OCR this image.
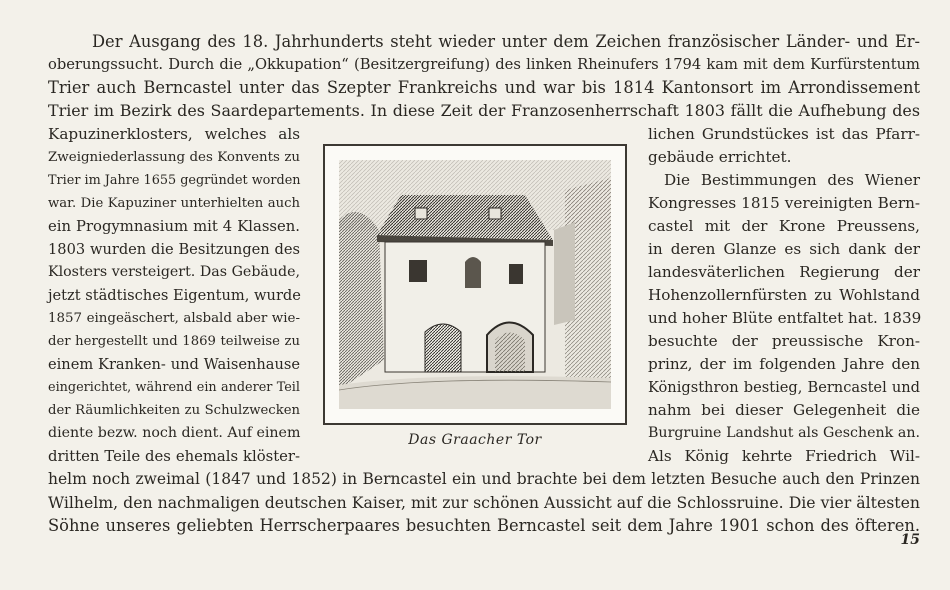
Der Ausgang des 18. Jahrhunderts steht wieder unter dem Zeichen französischer Länder- und Er-
oberungssucht. Durch die „Okkupation“ (Besitzergreifung) des linken Rheinufers 1794 kam mit dem Kurfürstentum
Trier auch Berncastel unter das Szepter Frankreichs und war bis 1814 Kantonsort im Arrondissement
Trier im Bezirk des Saardepartements. In diese Zeit der Franzosenherrschaft 1803 fällt die Aufhebung des
Kapuzinerklosters, welches als
Zweigniederlassung des Konvents zu
Trier im Jahre 1655 gegründet worden
war. Die Kapuziner unterhielten auch
ein Progymnasium mit 4 Klassen.
1803 wurden die Besitzungen des
Klosters versteigert. Das Gebäude,
jetzt städtisches Eigentum, wurde
1857 eingeäschert, alsbald aber wie-
der hergestellt und 1869 teilweise zu
einem Kranken- und Waisenhause
eingerichtet, während ein anderer Teil
der Räumlichkeiten zu Schulzwecken
diente bezw. noch dient. Auf einem
dritten Teile des ehemals klöster-
Das Graacher Tor
lichen Grundstückes ist das Pfarr-
gebäude errichtet.
Die Bestimmungen des Wiener
Kongresses 1815 vereinigten Bern-
castel mit der Krone Preussens,
in deren Glanze es sich dank der
landesväterlichen Regierung der
Hohenzollernfürsten zu Wohlstand
und hoher Blüte entfaltet hat. 1839
besuchte der preussische Kron-
prinz, der im folgenden Jahre den
Königsthron bestieg, Berncastel und
nahm bei dieser Gelegenheit die
Burgruine Landshut als Geschenk an.
Als König kehrte Friedrich Wil-
helm noch zweimal (1847 und 1852) in Berncastel ein und brachte bei dem letzten Besuche auch den Prinzen
Wilhelm, den nachmaligen deutschen Kaiser, mit zur schönen Aussicht auf die Schlossruine. Die vier ältesten
Söhne unseres geliebten Herrscherpaares besuchten Berncastel seit dem Jahre 1901 schon des öfteren.
15
